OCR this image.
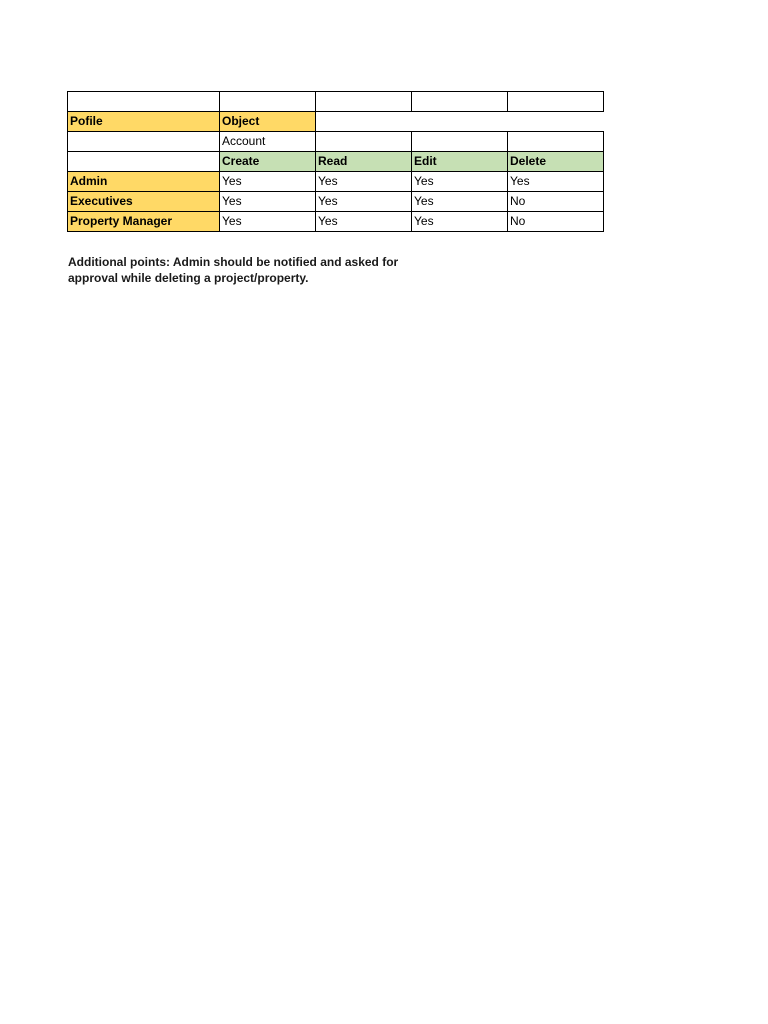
Pofile	Object			
	Account			
	Create	Read	Edit	Delete
Admin	Yes	Yes	Yes	Yes
Executives	Yes	Yes	Yes	No
Property Manager	Yes	Yes	Yes	No
Additional points: Admin should be notified and asked for
approval while deleting a project/property.
